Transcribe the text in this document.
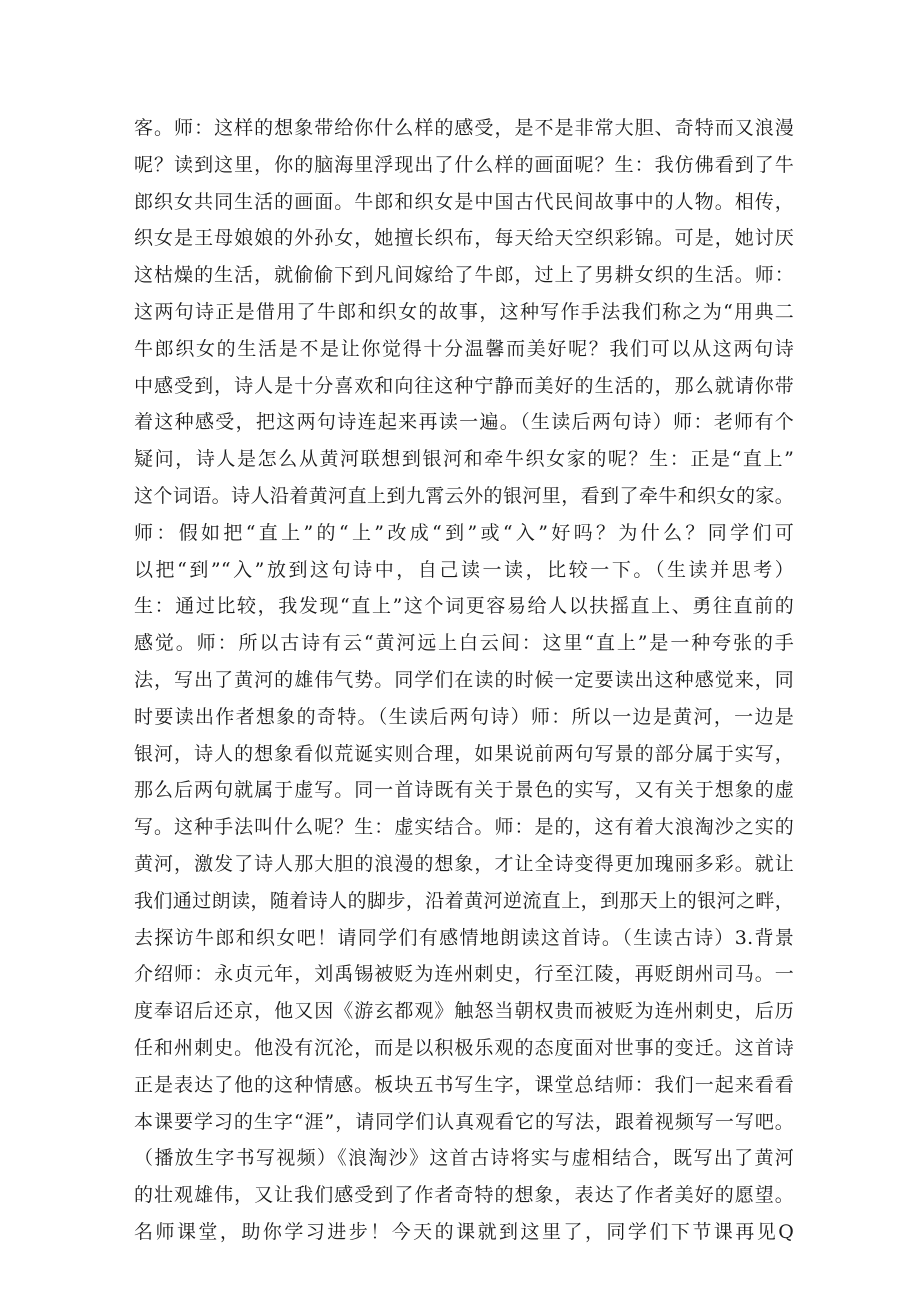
客。师：这样的想象带给你什么样的感受，是不是非常大胆、奇特而又浪漫
呢？读到这里，你的脑海里浮现出了什么样的画面呢？生：我仿佛看到了牛
郎织女共同生活的画面。牛郎和织女是中国古代民间故事中的人物。相传，
织女是王母娘娘的外孙女，她擅长织布，每天给天空织彩锦。可是，她讨厌
这枯燥的生活，就偷偷下到凡间嫁给了牛郎，过上了男耕女织的生活。师：
这两句诗正是借用了牛郎和织女的故事，这种写作手法我们称之为“用典二
牛郎织女的生活是不是让你觉得十分温馨而美好呢？我们可以从这两句诗
中感受到，诗人是十分喜欢和向往这种宁静而美好的生活的，那么就请你带
着这种感受，把这两句诗连起来再读一遍。（生读后两句诗）师：老师有个
疑问，诗人是怎么从黄河联想到银河和牵牛织女家的呢？生：正是“直上”
这个词语。诗人沿着黄河直上到九霄云外的银河里，看到了牵牛和织女的家。
师：假如把“直上”的“上”改成“到”或“入”好吗？为什么？同学们可
以把“到”“入”放到这句诗中，自己读一读，比较一下。（生读并思考）
生：通过比较，我发现“直上”这个词更容易给人以扶摇直上、勇往直前的
感觉。师：所以古诗有云“黄河远上白云间：这里“直上”是一种夸张的手
法，写出了黄河的雄伟气势。同学们在读的时候一定要读出这种感觉来，同
时要读出作者想象的奇特。（生读后两句诗）师：所以一边是黄河，一边是
银河，诗人的想象看似荒诞实则合理，如果说前两句写景的部分属于实写，
那么后两句就属于虚写。同一首诗既有关于景色的实写，又有关于想象的虚
写。这种手法叫什么呢？生：虚实结合。师：是的，这有着大浪淘沙之实的
黄河，激发了诗人那大胆的浪漫的想象，才让全诗变得更加瑰丽多彩。就让
我们通过朗读，随着诗人的脚步，沿着黄河逆流直上，到那天上的银河之畔，
去探访牛郎和织女吧！请同学们有感情地朗读这首诗。（生读古诗）3.背景
介绍师：永贞元年，刘禹锡被贬为连州刺史，行至江陵，再贬朗州司马。一
度奉诏后还京，他又因《游玄都观》触怒当朝权贵而被贬为连州刺史，后历
任和州刺史。他没有沉沦，而是以积极乐观的态度面对世事的变迁。这首诗
正是表达了他的这种情感。板块五书写生字，课堂总结师：我们一起来看看
本课要学习的生字“涯”，请同学们认真观看它的写法，跟着视频写一写吧。
（播放生字书写视频）《浪淘沙》这首古诗将实与虚相结合，既写出了黄河
的壮观雄伟，又让我们感受到了作者奇特的想象，表达了作者美好的愿望。
名师课堂，助你学习进步！今天的课就到这里了，同学们下节课再见Q
